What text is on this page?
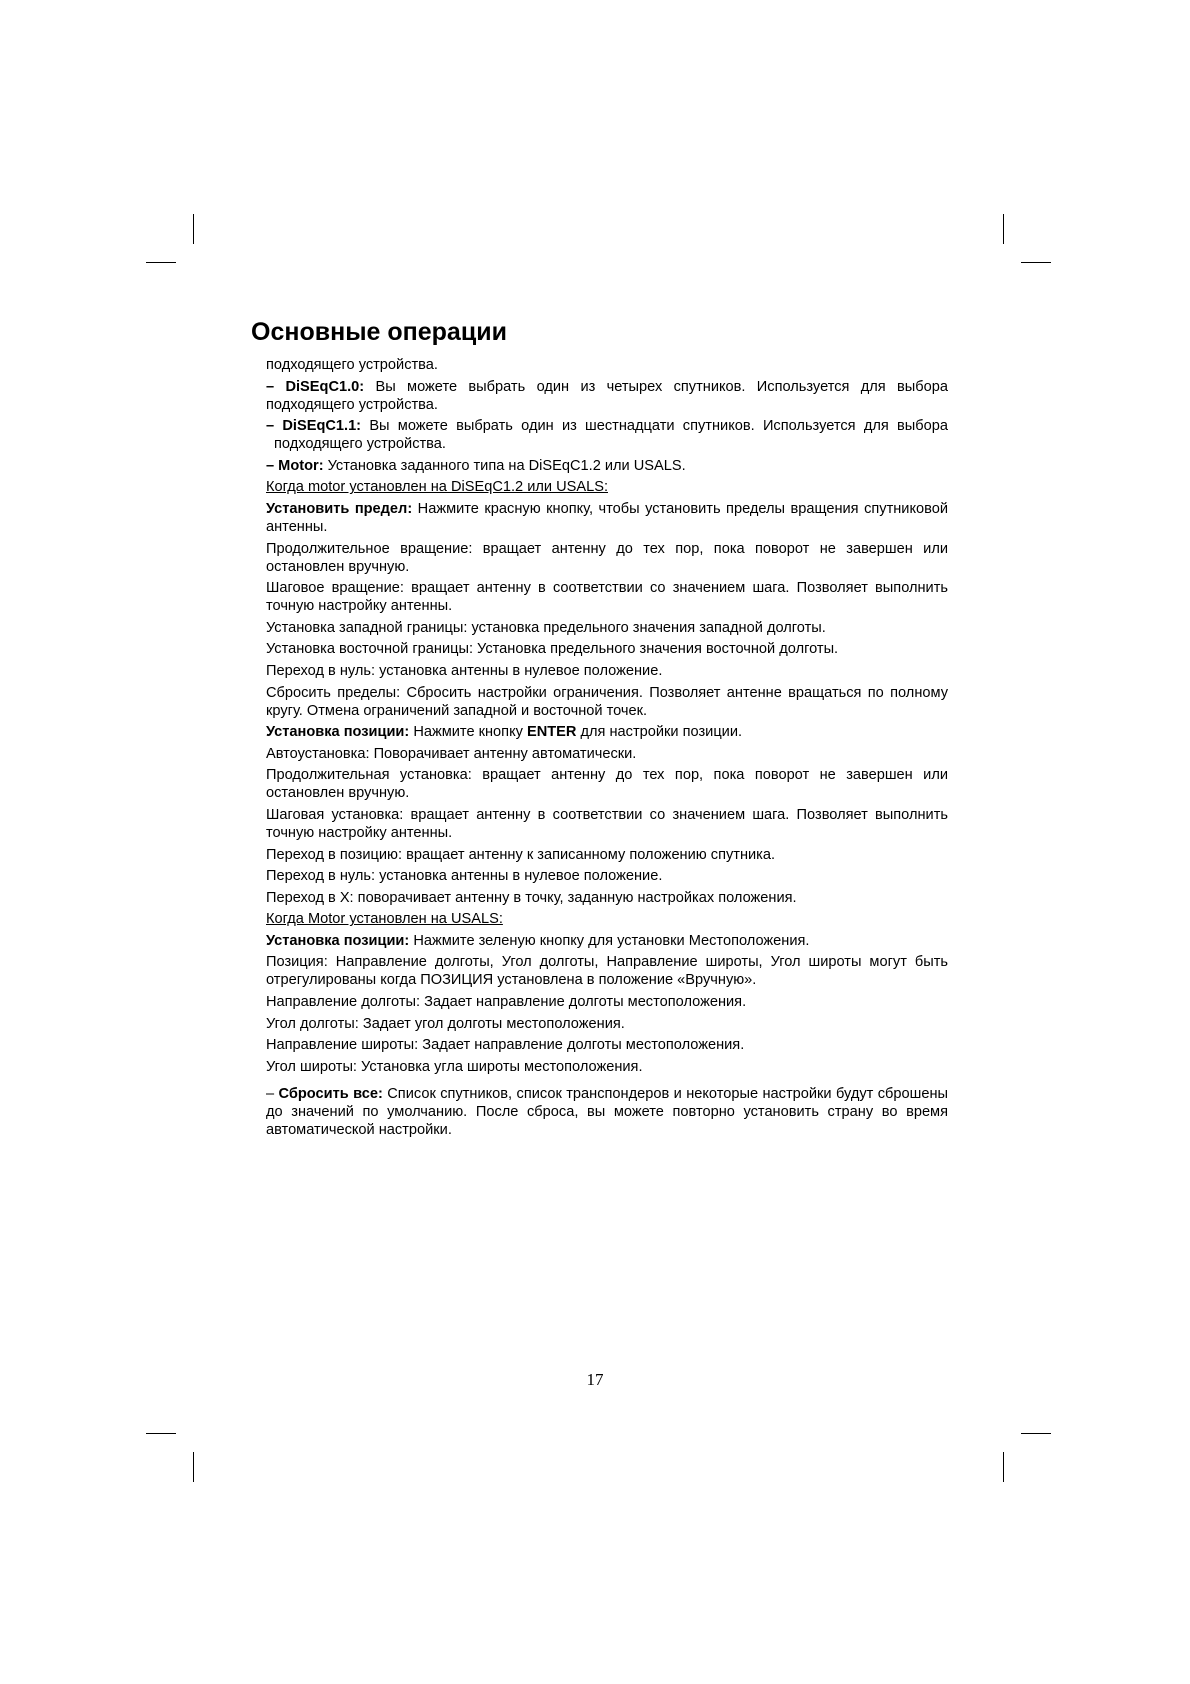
Основные операции

подходящего устройства.

– DiSEqC1.0: Вы можете выбрать один из четырех спутников. Используется для выбора подходящего устройства.

– DiSEqC1.1: Вы можете выбрать один из шестнадцати спутников. Используется для выбора подходящего устройства.

– Motor: Установка заданного типа на DiSEqC1.2 или USALS.

Когда motor установлен на DiSEqC1.2 или USALS:

Установить предел: Нажмите красную кнопку, чтобы установить пределы вращения спутниковой антенны.

Продолжительное вращение: вращает антенну до тех пор, пока поворот не завершен или остановлен вручную.

Шаговое вращение: вращает антенну в соответствии со значением шага. Позволяет выполнить точную настройку антенны.

Установка западной границы: установка предельного значения западной долготы.

Установка восточной границы: Установка предельного значения восточной долготы.

Переход в нуль: установка антенны в нулевое положение.

Сбросить пределы: Сбросить настройки ограничения. Позволяет антенне вращаться по полному кругу. Отмена ограничений западной и восточной точек.

Установка позиции: Нажмите кнопку ENTER для настройки позиции.

Автоустановка: Поворачивает антенну автоматически.

Продолжительная установка: вращает антенну до тех пор, пока поворот не завершен или остановлен вручную.

Шаговая установка: вращает антенну в соответствии со значением шага. Позволяет выполнить точную настройку антенны.

Переход в позицию: вращает антенну к записанному положению спутника.

Переход в нуль: установка антенны в нулевое положение.

Переход в X: поворачивает антенну в точку, заданную настройках положения.

Когда Motor установлен на USALS:

Установка позиции: Нажмите зеленую кнопку для установки Местоположения.

Позиция: Направление долготы, Угол долготы, Направление широты, Угол широты могут быть отрегулированы когда ПОЗИЦИЯ установлена в положение «Вручную».

Направление долготы: Задает направление долготы местоположения.

Угол долготы: Задает угол долготы местоположения.

Направление широты: Задает направление долготы местоположения.

Угол широты: Установка угла широты местоположения.

– Сбросить все: Список спутников, список транспондеров и некоторые настройки будут сброшены до значений по умолчанию. После сброса, вы можете повторно установить страну во время автоматической настройки.

17
